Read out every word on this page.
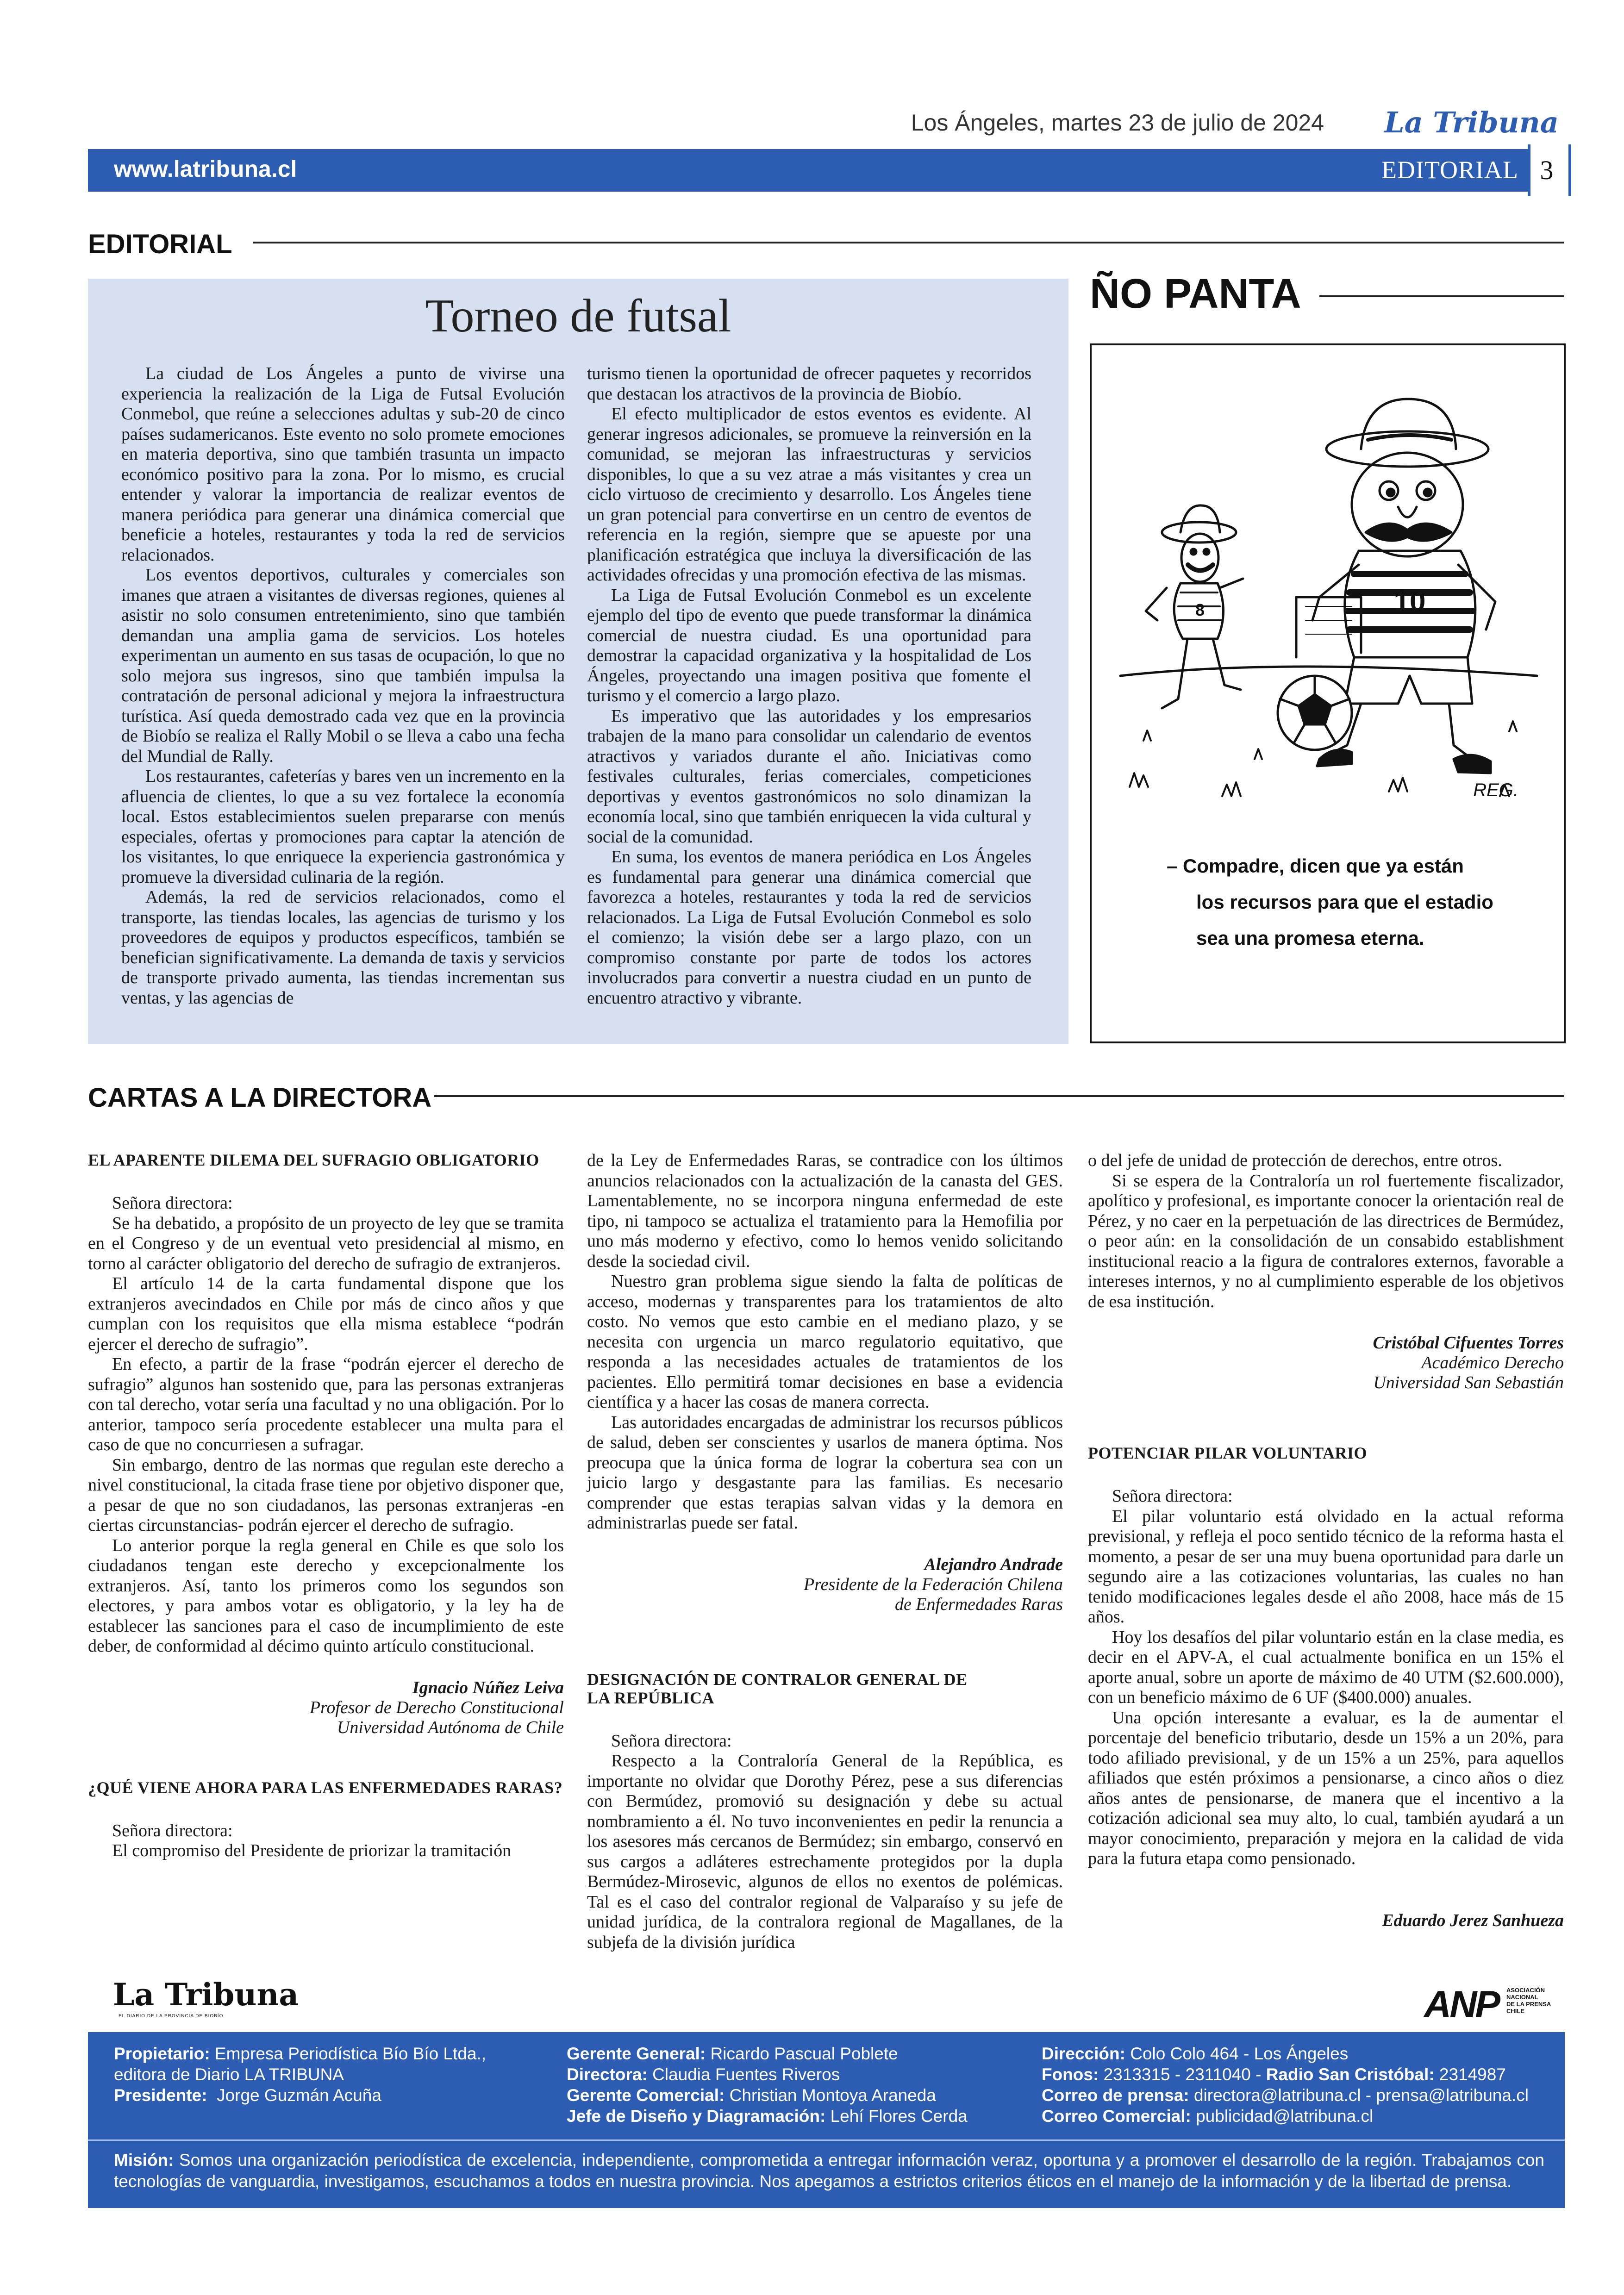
Los Ángeles, martes 23 de julio de 2024 La Tribuna
www.latribuna.cl	EDITORIAL 3
EDITORIAL
Torneo de futsal

La ciudad de Los Ángeles a punto de vivirse una experiencia la realización de la Liga de Futsal Evolución Conmebol, que reúne a selecciones adultas y sub-20 de cinco países sudamericanos. Este evento no solo promete emociones en materia deportiva, sino que también trasunta un impacto económico positivo para la zona. Por lo mismo, es crucial entender y valorar la importancia de realizar eventos de manera periódica para generar una dinámica comercial que beneficie a hoteles, restaurantes y toda la red de servicios relacionados.

Los eventos deportivos, culturales y comerciales son imanes que atraen a visitantes de diversas regiones, quienes al asistir no solo consumen entretenimiento, sino que también demandan una amplia gama de servicios. Los hoteles experimentan un aumento en sus tasas de ocupación, lo que no solo mejora sus ingresos, sino que también impulsa la contratación de personal adicional y mejora la infraestructura turística. Así queda demostrado cada vez que en la provincia de Biobío se realiza el Rally Mobil o se lleva a cabo una fecha del Mundial de Rally.

Los restaurantes, cafeterías y bares ven un incremento en la afluencia de clientes, lo que a su vez fortalece la economía local. Estos establecimientos suelen prepararse con menús especiales, ofertas y promociones para captar la atención de los visitantes, lo que enriquece la experiencia gastronómica y promueve la diversidad culinaria de la región.

Además, la red de servicios relacionados, como el transporte, las tiendas locales, las agencias de turismo y los proveedores de equipos y productos específicos, también se benefician significativamente. La demanda de taxis y servicios de transporte privado aumenta, las tiendas incrementan sus ventas, y las agencias de

turismo tienen la oportunidad de ofrecer paquetes y recorridos que destacan los atractivos de la provincia de Biobío.

El efecto multiplicador de estos eventos es evidente. Al generar ingresos adicionales, se promueve la reinversión en la comunidad, se mejoran las infraestructuras y servicios disponibles, lo que a su vez atrae a más visitantes y crea un ciclo virtuoso de crecimiento y desarrollo. Los Ángeles tiene un gran potencial para convertirse en un centro de eventos de referencia en la región, siempre que se apueste por una planificación estratégica que incluya la diversificación de las actividades ofrecidas y una promoción efectiva de las mismas.

La Liga de Futsal Evolución Conmebol es un excelente ejemplo del tipo de evento que puede transformar la dinámica comercial de nuestra ciudad. Es una oportunidad para demostrar la capacidad organizativa y la hospitalidad de Los Ángeles, proyectando una imagen positiva que fomente el turismo y el comercio a largo plazo.

Es imperativo que las autoridades y los empresarios trabajen de la mano para consolidar un calendario de eventos atractivos y variados durante el año. Iniciativas como festivales culturales, ferias comerciales, competiciones deportivas y eventos gastronómicos no solo dinamizan la economía local, sino que también enriquecen la vida cultural y social de la comunidad.

En suma, los eventos de manera periódica en Los Ángeles es fundamental para generar una dinámica comercial que favorezca a hoteles, restaurantes y toda la red de servicios relacionados. La Liga de Futsal Evolución Conmebol es solo el comienzo; la visión debe ser a largo plazo, con un compromiso constante por parte de todos los actores involucrados para convertir a nuestra ciudad en un punto de encuentro atractivo y vibrante.

ÑO PANTA
10
8
REG.
– Compadre, dicen que ya están
los recursos para que el estadio
sea una promesa eterna.
CARTAS A LA DIRECTORA
EL APARENTE DILEMA DEL SUFRAGIO OBLIGATORIO

Señora directora:

Se ha debatido, a propósito de un proyecto de ley que se tramita en el Congreso y de un eventual veto presidencial al mismo, en torno al carácter obligatorio del derecho de sufragio de extranjeros.

El artículo 14 de la carta fundamental dispone que los extranjeros avecindados en Chile por más de cinco años y que cumplan con los requisitos que ella misma establece “podrán ejercer el derecho de sufragio”.

En efecto, a partir de la frase “podrán ejercer el derecho de sufragio” algunos han sostenido que, para las personas extranjeras con tal derecho, votar sería una facultad y no una obligación. Por lo anterior, tampoco sería procedente establecer una multa para el caso de que no concurriesen a sufragar.

Sin embargo, dentro de las normas que regulan este derecho a nivel constitucional, la citada frase tiene por objetivo disponer que, a pesar de que no son ciudadanos, las personas extranjeras -en ciertas circunstancias- podrán ejercer el derecho de sufragio.

Lo anterior porque la regla general en Chile es que solo los ciudadanos tengan este derecho y excepcionalmente los extranjeros. Así, tanto los primeros como los segundos son electores, y para ambos votar es obligatorio, y la ley ha de establecer las sanciones para el caso de incumplimiento de este deber, de conformidad al décimo quinto artículo constitucional.

Ignacio Núñez Leiva
Profesor de Derecho Constitucional
Universidad Autónoma de Chile
¿QUÉ VIENE AHORA PARA LAS ENFERMEDADES RARAS?

Señora directora:

El compromiso del Presidente de priorizar la tramitación

de la Ley de Enfermedades Raras, se contradice con los últimos anuncios relacionados con la actualización de la canasta del GES. Lamentablemente, no se incorpora ninguna enfermedad de este tipo, ni tampoco se actualiza el tratamiento para la Hemofilia por uno más moderno y efectivo, como lo hemos venido solicitando desde la sociedad civil.

Nuestro gran problema sigue siendo la falta de políticas de acceso, modernas y transparentes para los tratamientos de alto costo. No vemos que esto cambie en el mediano plazo, y se necesita con urgencia un marco regulatorio equitativo, que responda a las necesidades actuales de tratamientos de los pacientes. Ello permitirá tomar decisiones en base a evidencia científica y a hacer las cosas de manera correcta.

Las autoridades encargadas de administrar los recursos públicos de salud, deben ser conscientes y usarlos de manera óptima. Nos preocupa que la única forma de lograr la cobertura sea con un juicio largo y desgastante para las familias. Es necesario comprender que estas terapias salvan vidas y la demora en administrarlas puede ser fatal.

Alejandro Andrade
Presidente de la Federación Chilena
de Enfermedades Raras
DESIGNACIÓN DE CONTRALOR GENERAL DE LA REPÚBLICA

Señora directora:

Respecto a la Contraloría General de la República, es importante no olvidar que Dorothy Pérez, pese a sus diferencias con Bermúdez, promovió su designación y debe su actual nombramiento a él. No tuvo inconvenientes en pedir la renuncia a los asesores más cercanos de Bermúdez; sin embargo, conservó en sus cargos a adláteres estrechamente protegidos por la dupla Bermúdez-Mirosevic, algunos de ellos no exentos de polémicas. Tal es el caso del contralor regional de Valparaíso y su jefe de unidad jurídica, de la contralora regional de Magallanes, de la subjefa de la división jurídica

o del jefe de unidad de protección de derechos, entre otros.

Si se espera de la Contraloría un rol fuertemente fiscalizador, apolítico y profesional, es importante conocer la orientación real de Pérez, y no caer en la perpetuación de las directrices de Bermúdez, o peor aún: en la consolidación de un consabido establishment institucional reacio a la figura de contralores externos, favorable a intereses internos, y no al cumplimiento esperable de los objetivos de esa institución.

Cristóbal Cifuentes Torres
Académico Derecho
Universidad San Sebastián
POTENCIAR PILAR VOLUNTARIO

Señora directora:

El pilar voluntario está olvidado en la actual reforma previsional, y refleja el poco sentido técnico de la reforma hasta el momento, a pesar de ser una muy buena oportunidad para darle un segundo aire a las cotizaciones voluntarias, las cuales no han tenido modificaciones legales desde el año 2008, hace más de 15 años.

Hoy los desafíos del pilar voluntario están en la clase media, es decir en el APV-A, el cual actualmente bonifica en un 15% el aporte anual, sobre un aporte de máximo de 40 UTM ($2.600.000), con un beneficio máximo de 6 UF ($400.000) anuales.

Una opción interesante a evaluar, es la de aumentar el porcentaje del beneficio tributario, desde un 15% a un 20%, para todo afiliado previsional, y de un 15% a un 25%, para aquellos afiliados que estén próximos a pensionarse, a cinco años o diez años antes de pensionarse, de manera que el incentivo a la cotización adicional sea muy alto, lo cual, también ayudará a un mayor conocimiento, preparación y mejora en la calidad de vida para la futura etapa como pensionado.

Eduardo Jerez Sanhueza
La Tribuna
EL DIARIO DE LA PROVINCIA DE BIOBÍO	ANP ASOCIACIÓN
NACIONAL
DE LA PRENSA
CHILE
Propietario: Empresa Periodística Bío Bío Ltda.,
editora de Diario LA TRIBUNA
Presidente: Jorge Guzmán Acuña
Gerente General: Ricardo Pascual Poblete
Directora: Claudia Fuentes Riveros
Gerente Comercial: Christian Montoya Araneda
Jefe de Diseño y Diagramación: Lehí Flores Cerda
Dirección: Colo Colo 464 - Los Ángeles
Fonos: 2313315 - 2311040 - Radio San Cristóbal: 2314987
Correo de prensa: directora@latribuna.cl - prensa@latribuna.cl
Correo Comercial: publicidad@latribuna.cl
Misión: Somos una organización periodística de excelencia, independiente, comprometida a entregar información veraz, oportuna y a promover el desarrollo de la región. Trabajamos con tecnologías de vanguardia, investigamos, escuchamos a todos en nuestra provincia. Nos apegamos a estrictos criterios éticos en el manejo de la información y de la libertad de prensa.
